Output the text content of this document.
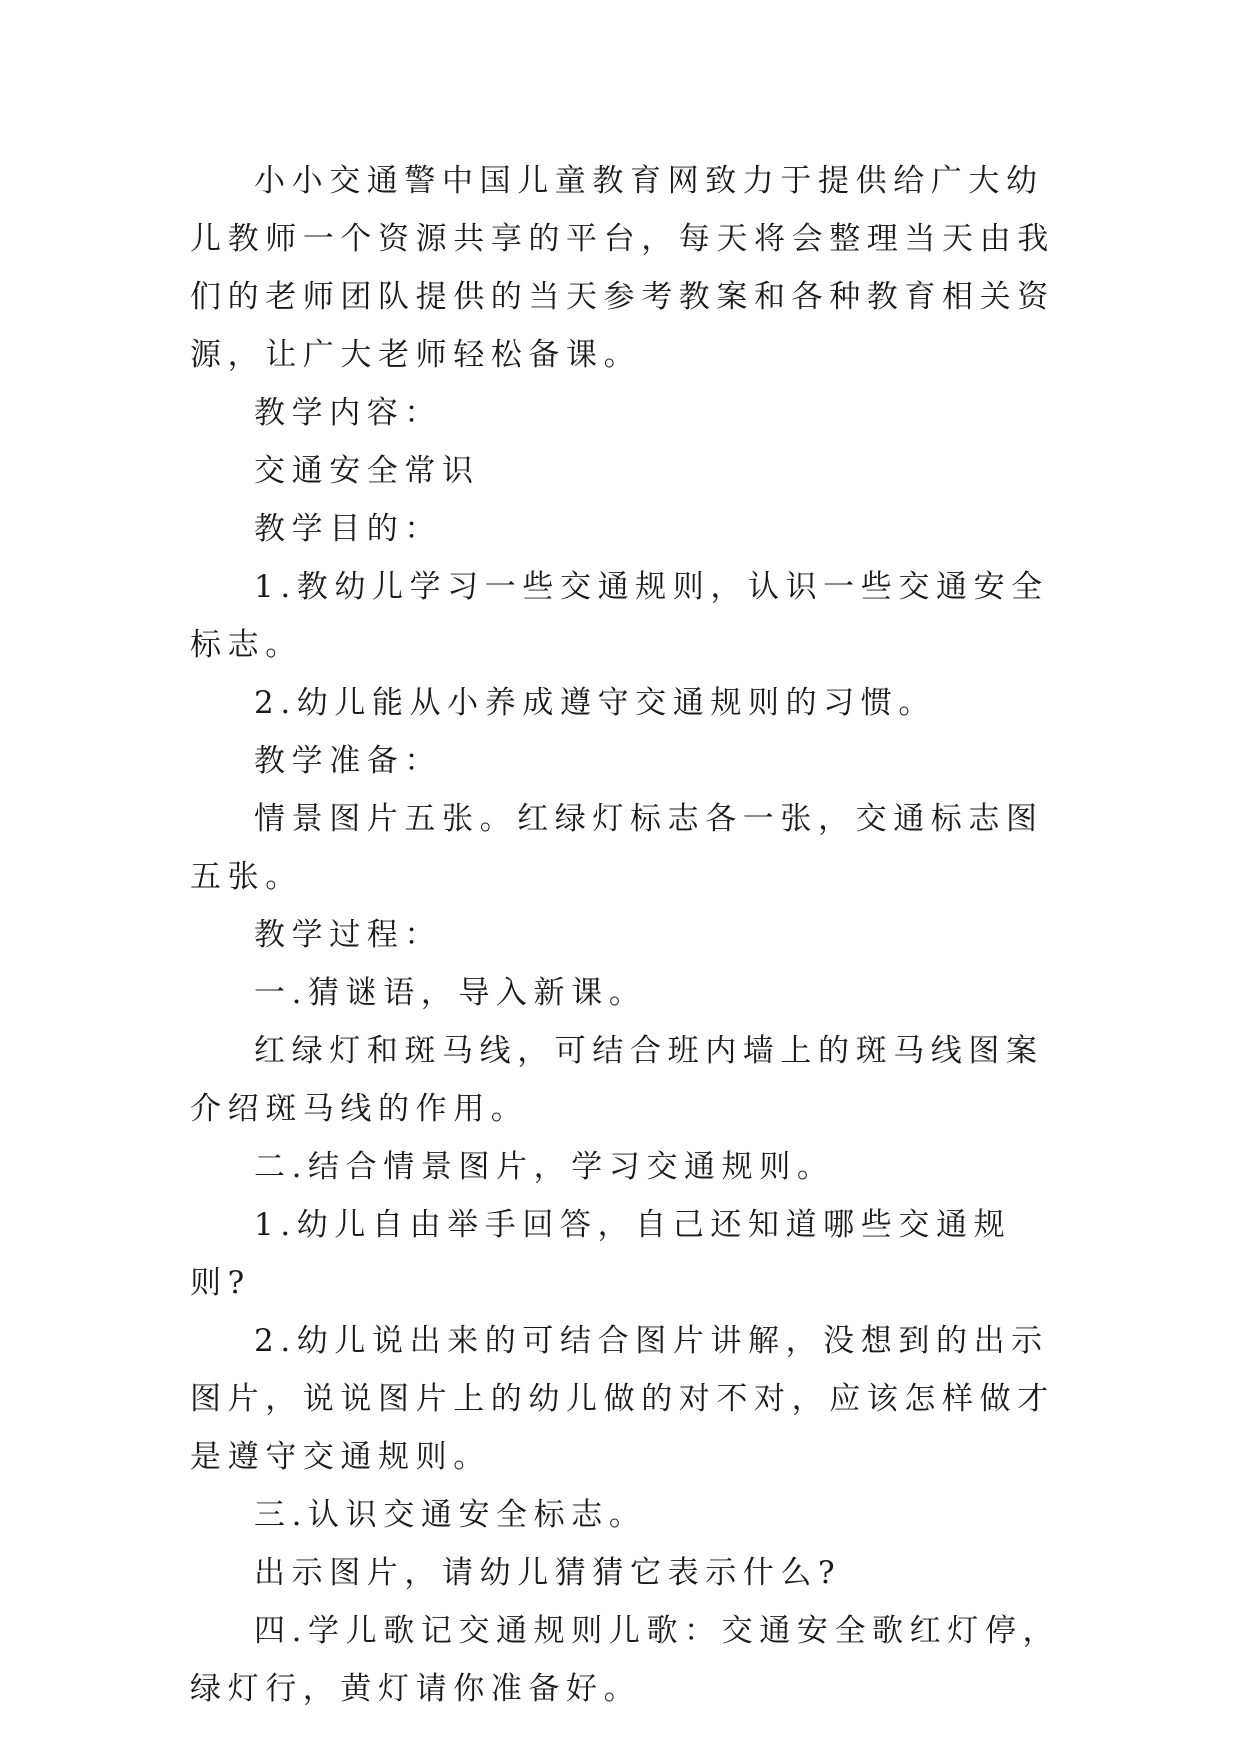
小小交通警中国儿童教育网致力于提供给广大幼儿教师一个资源共享的平台，每天将会整理当天由我们的老师团队提供的当天参考教案和各种教育相关资源，让广大老师轻松备课。

教学内容：

交通安全常识

教学目的：

1.教幼儿学习一些交通规则，认识一些交通安全标志。

2.幼儿能从小养成遵守交通规则的习惯。

教学准备：

情景图片五张。红绿灯标志各一张，交通标志图五张。

教学过程：

一.猜谜语，导入新课。

红绿灯和斑马线，可结合班内墙上的斑马线图案介绍斑马线的作用。

二.结合情景图片，学习交通规则。

1.幼儿自由举手回答，自己还知道哪些交通规则?

2.幼儿说出来的可结合图片讲解，没想到的出示图片，说说图片上的幼儿做的对不对，应该怎样做才是遵守交通规则。

三.认识交通安全标志。

出示图片，请幼儿猜猜它表示什么?

四.学儿歌记交通规则儿歌：交通安全歌红灯停，绿灯行，黄灯请你准备好。
